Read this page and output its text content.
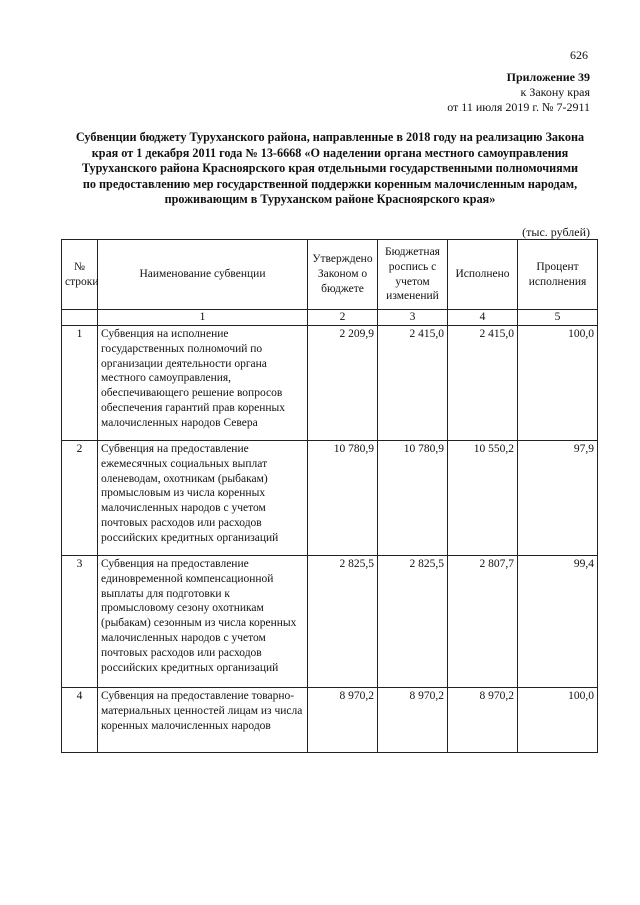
626
Приложение 39
к Закону края
от 11 июля 2019 г. № 7-2911
Субвенции бюджету Туруханского района, направленные в 2018 году на реализацию Закона
края от 1 декабря 2011 года № 13-6668 «О наделении органа местного самоуправления
Туруханского района Красноярского края отдельными государственными полномочиями
по предоставлению мер государственной поддержки коренным малочисленным народам,
проживающим в Туруханском районе Красноярского края»
(тыс. рублей)
№ строки	Наименование субвенции	Утверждено Законом о бюджете	Бюджетная роспись с учетом изменений	Исполнено	Процент исполнения
	1	2	3	4	5
1	Субвенция на исполнение государственных полномочий по организации деятельности органа местного самоуправления, обеспечивающего решение вопросов обеспечения гарантий прав коренных малочисленных народов Севера	2 209,9	2 415,0	2 415,0	100,0
2	Субвенция на предоставление ежемесячных социальных выплат оленеводам, охотникам (рыбакам) промысловым из числа коренных малочисленных народов с учетом почтовых расходов или расходов российских кредитных организаций	10 780,9	10 780,9	10 550,2	97,9
3	Субвенция на предоставление единовременной компенсационной выплаты для подготовки к промысловому сезону охотникам (рыбакам) сезонным из числа коренных малочисленных народов с учетом почтовых расходов или расходов российских кредитных организаций	2 825,5	2 825,5	2 807,7	99,4
4	Субвенция на предоставление товарно-материальных ценностей лицам из числа коренных малочисленных народов	8 970,2	8 970,2	8 970,2	100,0
